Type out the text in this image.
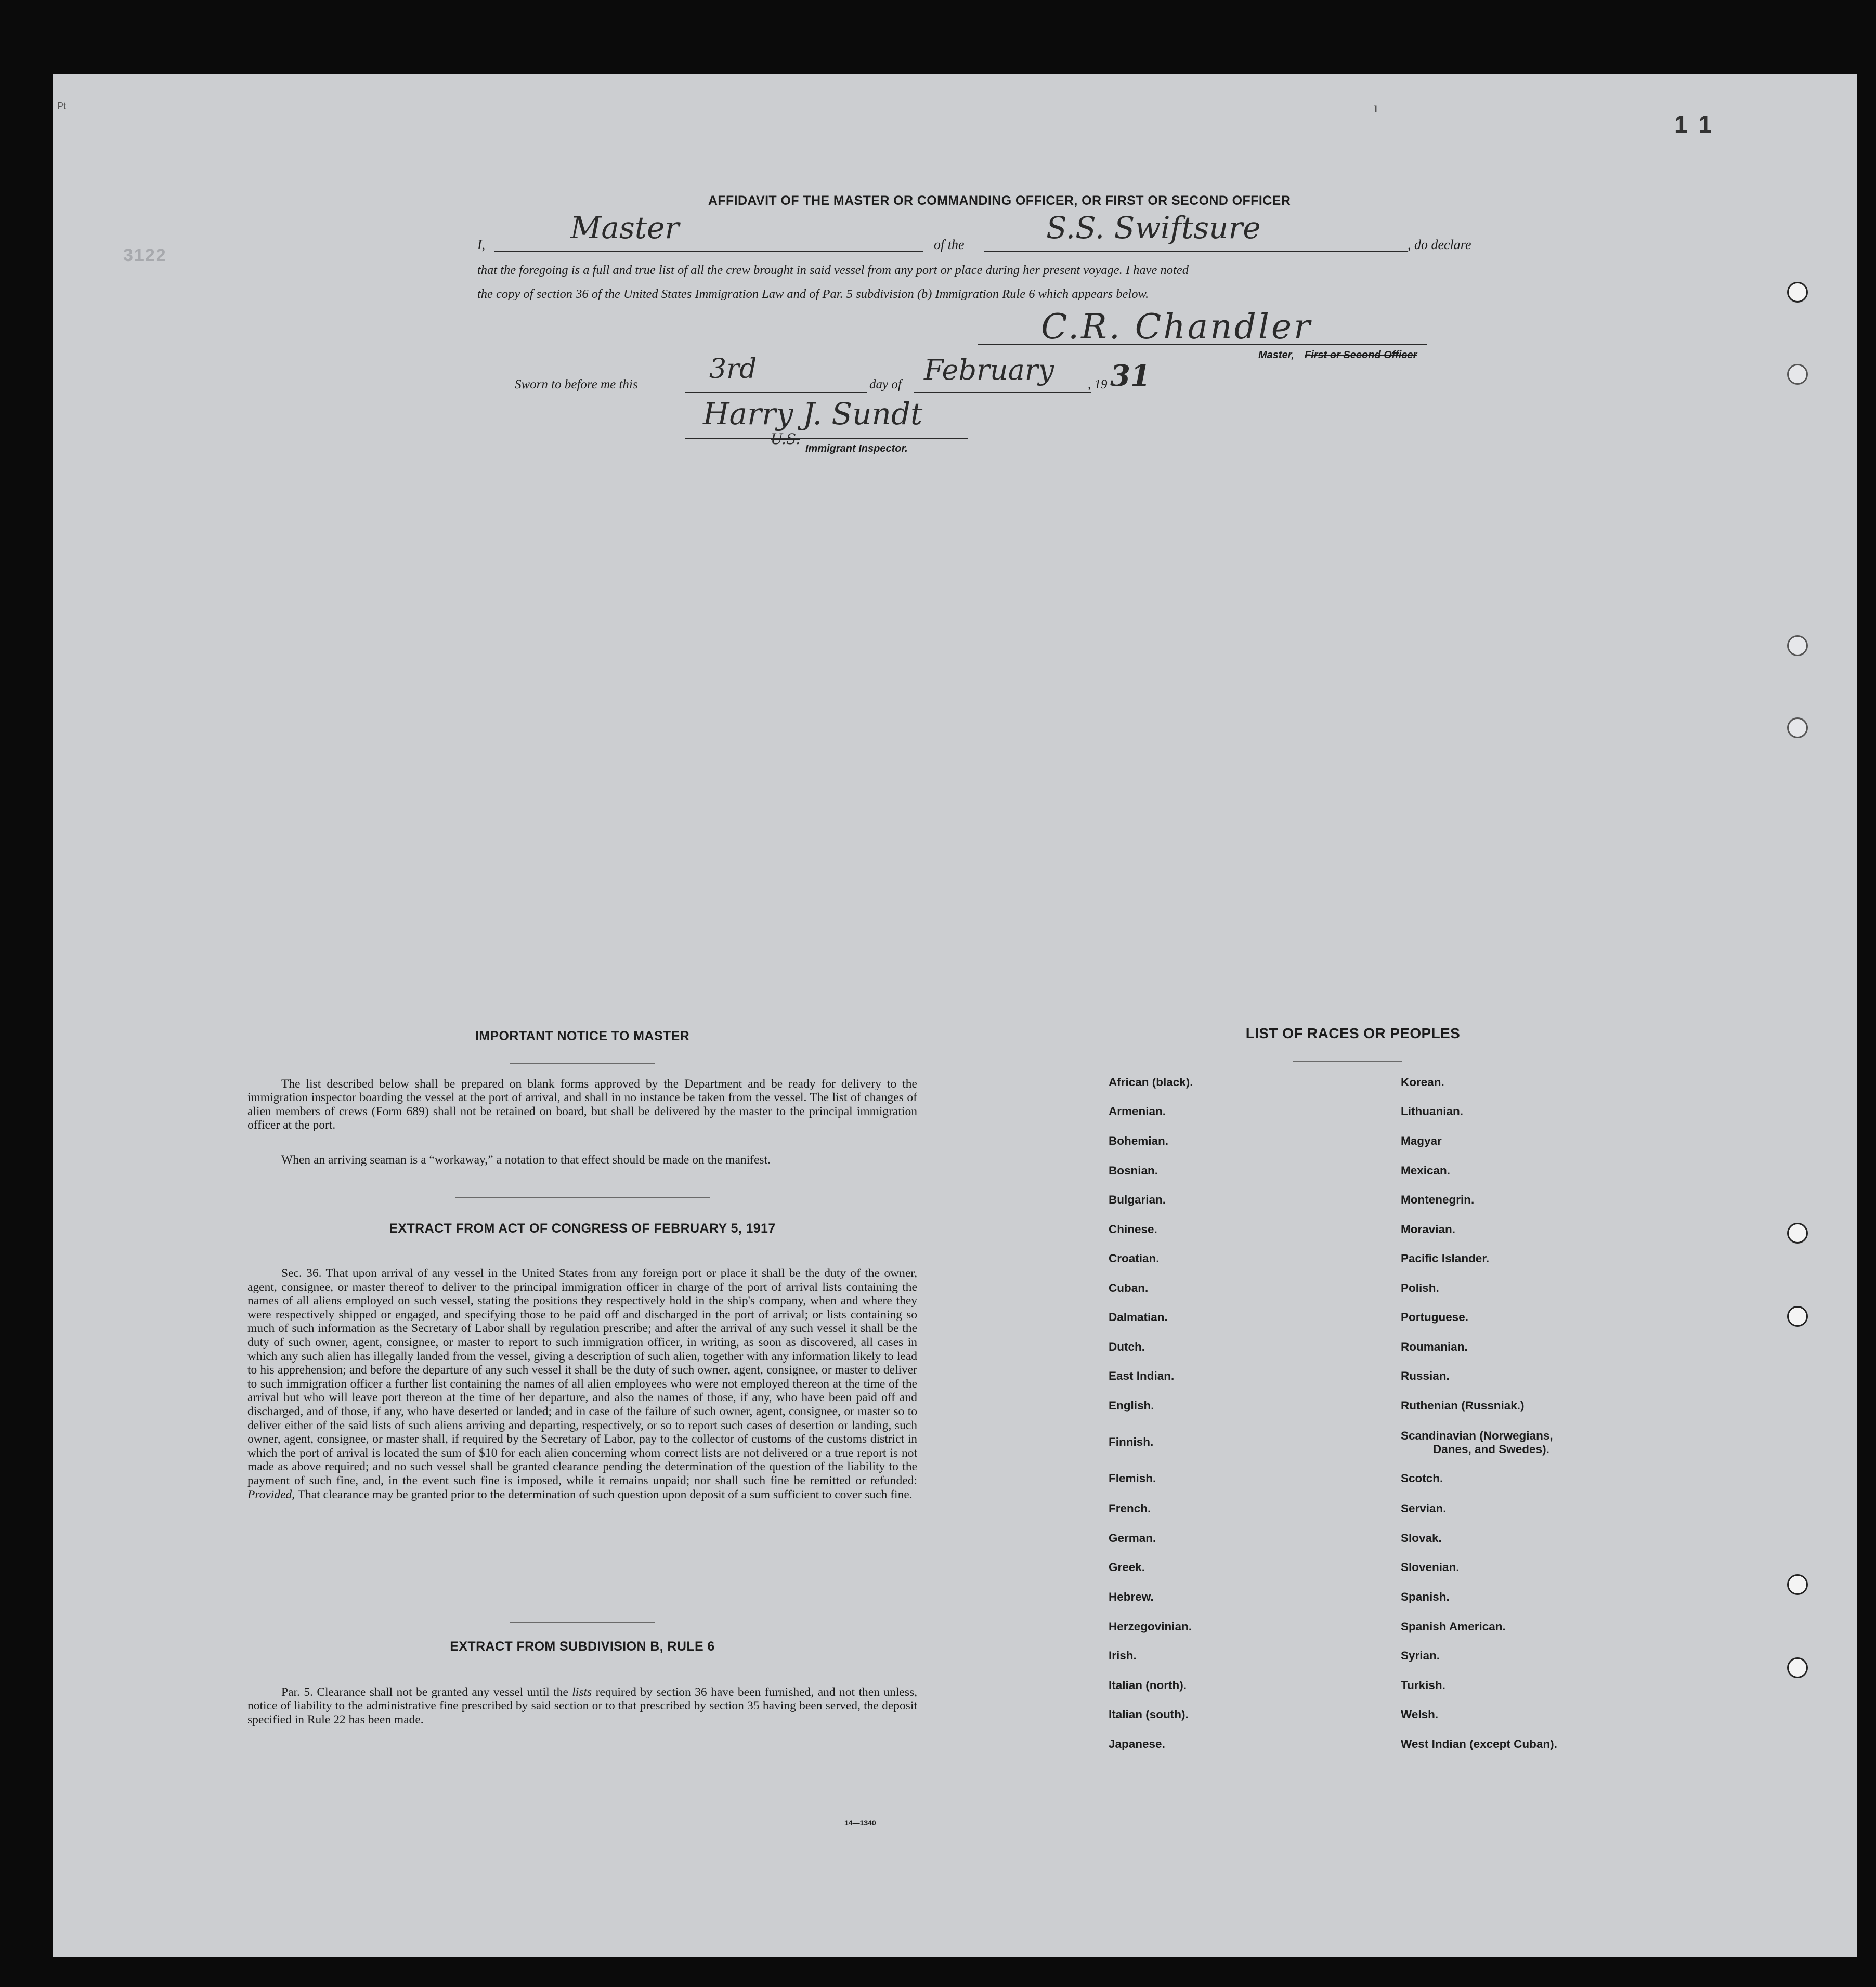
Pt
3122
ı
1 1
AFFIDAVIT OF THE MASTER OR COMMANDING OFFICER, OR FIRST OR SECOND OFFICER
I,	Master	of the	S.S. Swiftsure	, do declare
that the foregoing is a full and true list of all the crew brought in said vessel from any port or place during her present voyage. I have noted
the copy of section 36 of the United States Immigration Law and of Par. 5 subdivision (b) Immigration Rule 6 which appears below.
C.R. Chandler
Master, First or Second Officer
Sworn to before me this	3rd	day of February	, 19 31
Harry J. Sundt
U.S.
Immigrant Inspector.
IMPORTANT NOTICE TO MASTER
The list described below shall be prepared on blank forms approved by the Department and be ready for delivery to the immigration inspector boarding the vessel at the port of arrival, and shall in no instance be taken from the vessel. The list of changes of alien members of crews (Form 689) shall not be retained on board, but shall be delivered by the master to the principal immigration officer at the port.
When an arriving seaman is a “workaway,” a notation to that effect should be made on the manifest.
EXTRACT FROM ACT OF CONGRESS OF FEBRUARY 5, 1917
Sec. 36. That upon arrival of any vessel in the United States from any foreign port or place it shall be the duty of the owner, agent, consignee, or master thereof to deliver to the principal immigration officer in charge of the port of arrival lists containing the names of all aliens employed on such vessel, stating the positions they respectively hold in the ship's company, when and where they were respectively shipped or engaged, and specifying those to be paid off and discharged in the port of arrival; or lists containing so much of such information as the Secretary of Labor shall by regulation prescribe; and after the arrival of any such vessel it shall be the duty of such owner, agent, consignee, or master to report to such immigration officer, in writing, as soon as discovered, all cases in which any such alien has illegally landed from the vessel, giving a description of such alien, together with any information likely to lead to his apprehension; and before the departure of any such vessel it shall be the duty of such owner, agent, consignee, or master to deliver to such immigration officer a further list containing the names of all alien employees who were not employed thereon at the time of the arrival but who will leave port thereon at the time of her departure, and also the names of those, if any, who have been paid off and discharged, and of those, if any, who have deserted or landed; and in case of the failure of such owner, agent, consignee, or master so to deliver either of the said lists of such aliens arriving and departing, respectively, or so to report such cases of desertion or landing, such owner, agent, consignee, or master shall, if required by the Secretary of Labor, pay to the collector of customs of the customs district in which the port of arrival is located the sum of $10 for each alien concerning whom correct lists are not delivered or a true report is not made as above required; and no such vessel shall be granted clearance pending the determination of the question of the liability to the payment of such fine, and, in the event such fine is imposed, while it remains unpaid; nor shall such fine be remitted or refunded: Provided, That clearance may be granted prior to the determination of such question upon deposit of a sum sufficient to cover such fine.
EXTRACT FROM SUBDIVISION B, RULE 6
Par. 5. Clearance shall not be granted any vessel until the lists required by section 36 have been furnished, and not then unless, notice of liability to the administrative fine prescribed by said section or to that prescribed by section 35 having been served, the deposit specified in Rule 22 has been made.
14—1340
LIST OF RACES OR PEOPLES
African (black).
Armenian.
Bohemian.
Bosnian.
Bulgarian.
Chinese.
Croatian.
Cuban.
Dalmatian.
Dutch.
East Indian.
English.
Finnish.
Flemish.
French.
German.
Greek.
Hebrew.
Herzegovinian.
Irish.
Italian (north).
Italian (south).
Japanese.
Korean.
Lithuanian.
Magyar
Mexican.
Montenegrin.
Moravian.
Pacific Islander.
Polish.
Portuguese.
Roumanian.
Russian.
Ruthenian (Russniak.)
Scandinavian (Norwegians,
Danes, and Swedes).
Scotch.
Servian.
Slovak.
Slovenian.
Spanish.
Spanish American.
Syrian.
Turkish.
Welsh.
West Indian (except Cuban).
